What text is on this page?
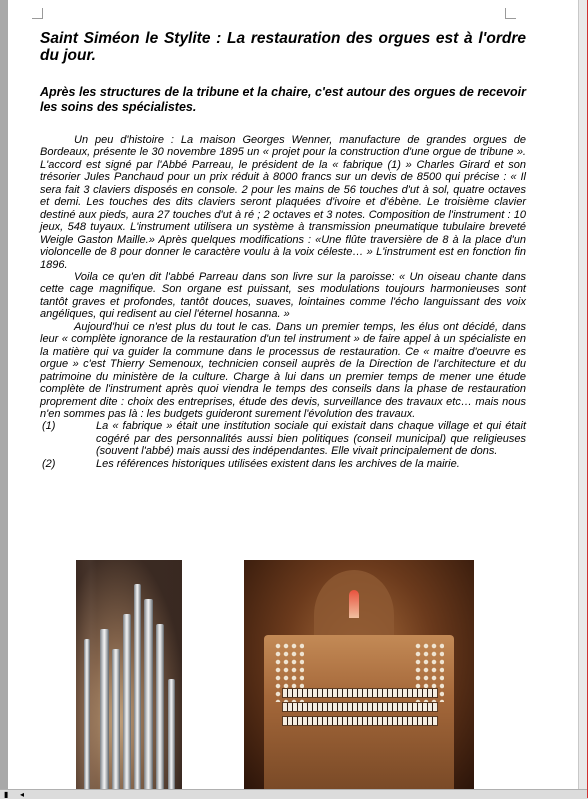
Saint Siméon le Stylite : La restauration des orgues est à l'ordre du jour.

Après les structures de la tribune et la chaire, c'est autour des orgues de recevoir les soins des spécialistes.

Un peu d'histoire : La maison Georges Wenner, manufacture de grandes orgues de Bordeaux, présente le 30 novembre 1895 un « projet pour la construction d'une orgue de tribune ». L'accord est signé par l'Abbé Parreau, le président de la « fabrique (1) » Charles Girard et son trésorier Jules Panchaud pour un prix réduit à 8000 francs sur un devis de 8500 qui précise : « Il sera fait 3 claviers disposés en console. 2 pour les mains de 56 touches d'ut à sol, quatre octaves et demi. Les touches des dits claviers seront plaquées d'ivoire et d'ébène. Le troisième clavier destiné aux pieds, aura 27 touches d'ut à ré ; 2 octaves et 3 notes. Composition de l'instrument : 10 jeux, 548 tuyaux. L'instrument utilisera un système à transmission pneumatique tubulaire breveté Weigle Gaston Maille.» Après quelques modifications : «Une flûte traversière de 8 à la place d'un violoncelle de 8 pour donner le caractère voulu à la voix céleste… » L'instrument est en fonction fin 1896.

Voila ce qu'en dit l'abbé Parreau dans son livre sur la paroisse: « Un oiseau chante dans cette cage magnifique. Son organe est puissant, ses modulations toujours harmonieuses sont tantôt graves et profondes, tantôt douces, suaves, lointaines comme l'écho languissant des voix angéliques, qui redisent au ciel l'éternel hosanna. »

Aujourd'hui ce n'est plus du tout le cas. Dans un premier temps, les élus ont décidé, dans leur « complète ignorance de la restauration d'un tel instrument » de faire appel à un spécialiste en la matière qui va guider la commune dans le processus de restauration. Ce « maitre d'oeuvre es orgue » c'est Thierry Semenoux, technicien conseil auprès de la Direction de l'architecture et du patrimoine du ministère de la culture. Charge à lui dans un premier temps de mener une étude complète de l'instrument après quoi viendra le temps des conseils dans la phase de restauration proprement dite : choix des entreprises, étude des devis, surveillance des travaux etc… mais nous n'en sommes pas là : les budgets guideront surement l'évolution des travaux.

(1)	La « fabrique » était une institution sociale qui existait dans chaque village et qui était cogéré par des personnalités aussi bien politiques (conseil municipal) que religieuses (souvent l'abbé) mais aussi des indépendantes. Elle vivait principalement de dons.
(2)	Les références historiques utilisées existent dans les archives de la mairie.
▮ ◂
